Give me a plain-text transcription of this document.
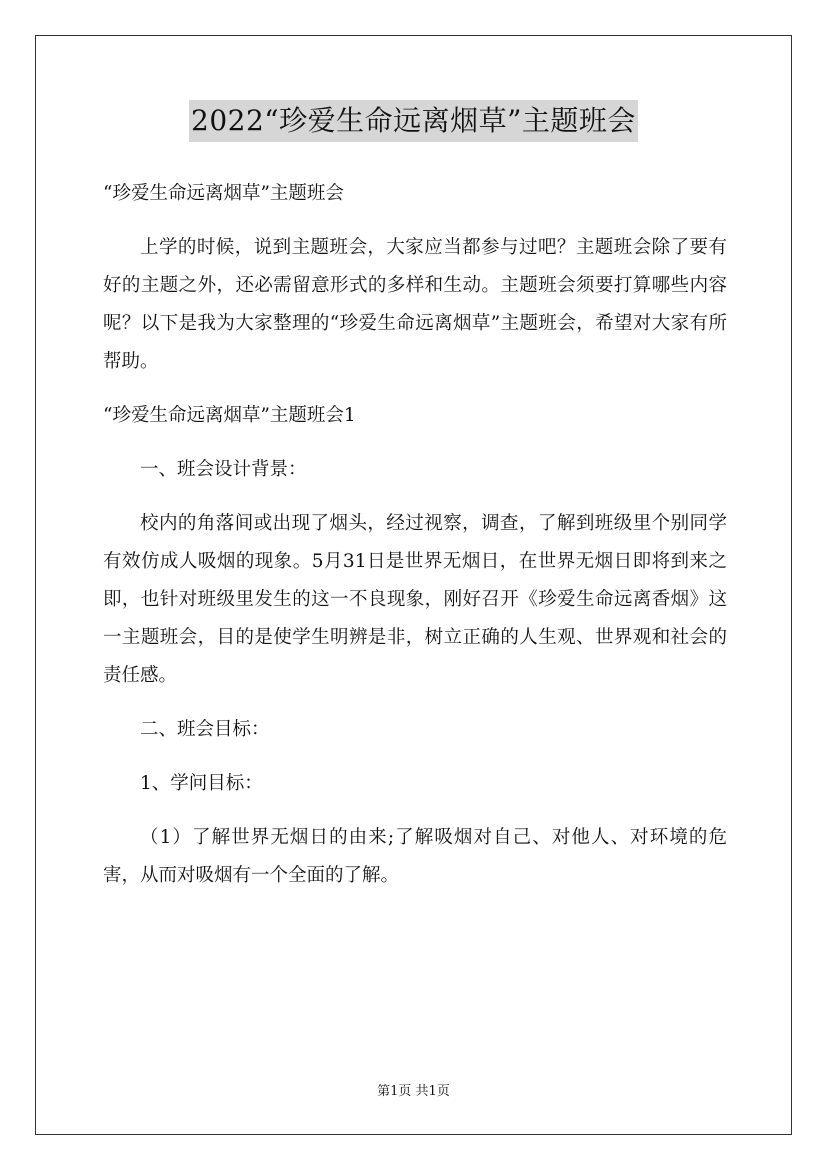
2022“珍爱生命远离烟草”主题班会

“珍爱生命远离烟草”主题班会

上学的时候，说到主题班会，大家应当都参与过吧？主题班会除了要有好的主题之外，还必需留意形式的多样和生动。主题班会须要打算哪些内容呢？以下是我为大家整理的“珍爱生命远离烟草”主题班会，希望对大家有所帮助。

“珍爱生命远离烟草”主题班会1

一、班会设计背景：

校内的角落间或出现了烟头，经过视察，调查，了解到班级里个别同学有效仿成人吸烟的现象。5月31日是世界无烟日，在世界无烟日即将到来之即，也针对班级里发生的这一不良现象，刚好召开《珍爱生命远离香烟》这一主题班会，目的是使学生明辨是非，树立正确的人生观、世界观和社会的责任感。

二、班会目标：

1、学问目标：

（1）了解世界无烟日的由来;了解吸烟对自己、对他人、对环境的危害，从而对吸烟有一个全面的了解。

第1页 共1页
